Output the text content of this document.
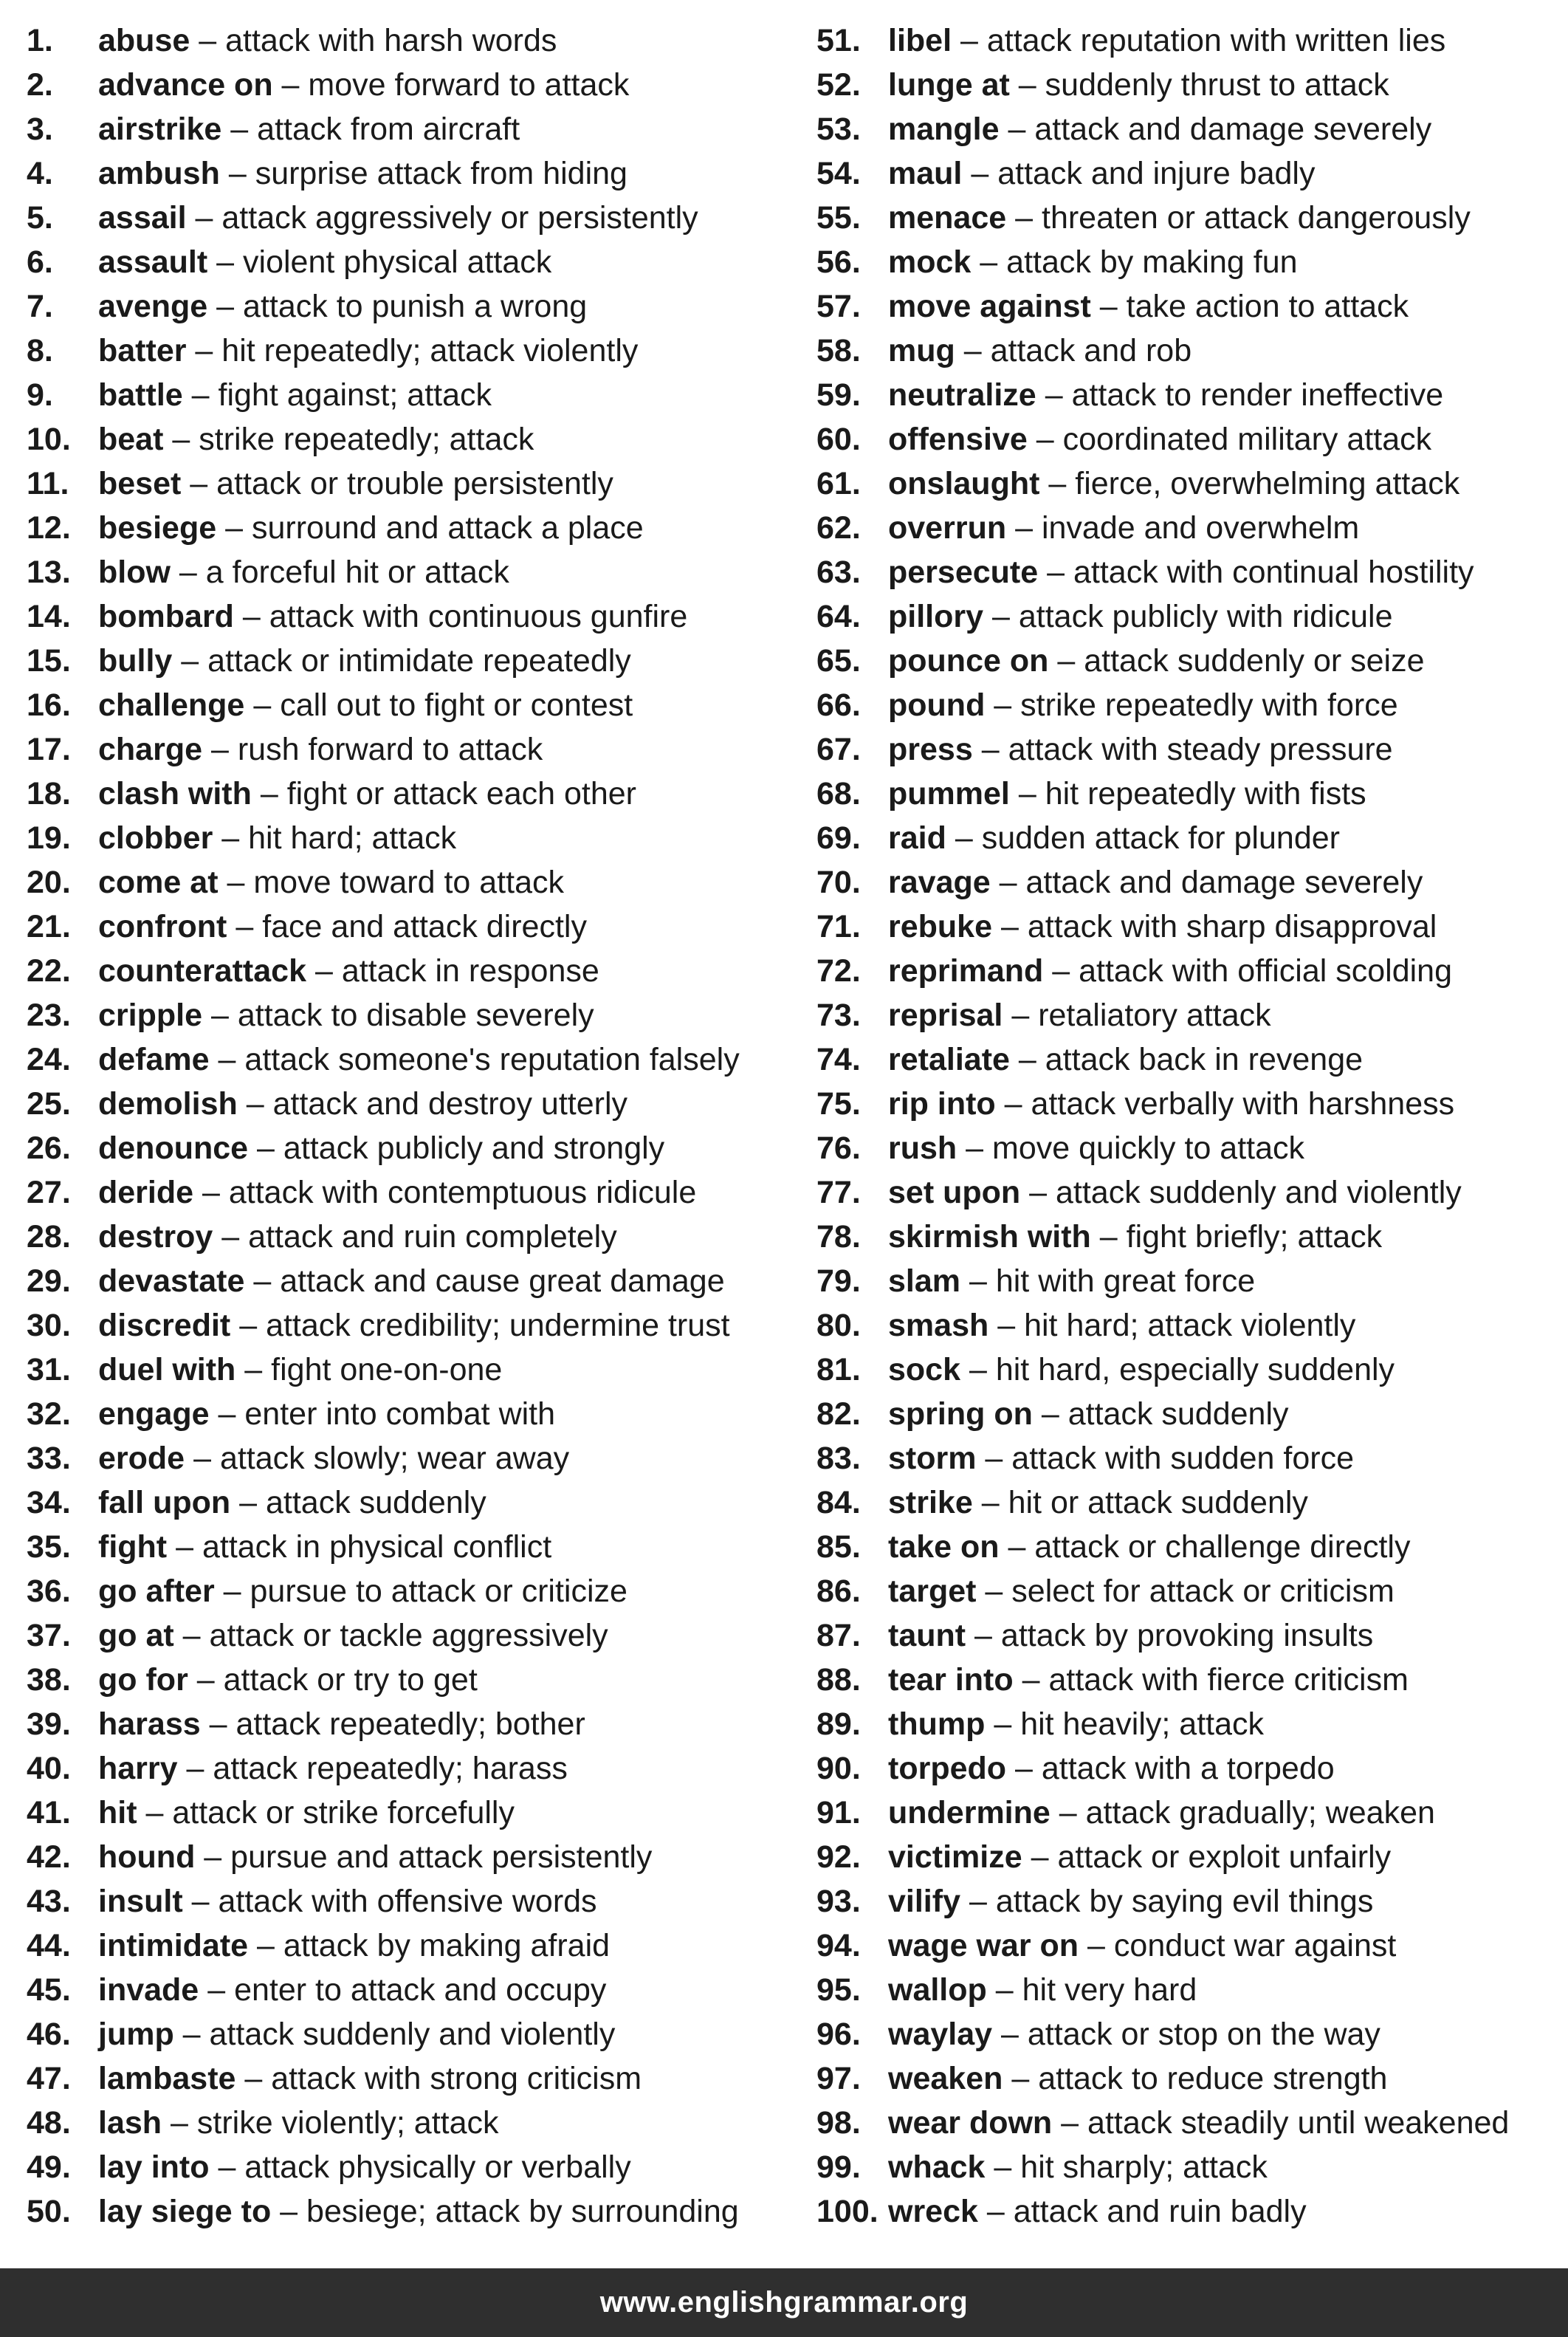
1. abuse – attack with harsh words
2. advance on – move forward to attack
3. airstrike – attack from aircraft
4. ambush – surprise attack from hiding
5. assail – attack aggressively or persistently
6. assault – violent physical attack
7. avenge – attack to punish a wrong
8. batter – hit repeatedly; attack violently
9. battle – fight against; attack
10. beat – strike repeatedly; attack
11. beset – attack or trouble persistently
12. besiege – surround and attack a place
13. blow – a forceful hit or attack
14. bombard – attack with continuous gunfire
15. bully – attack or intimidate repeatedly
16. challenge – call out to fight or contest
17. charge – rush forward to attack
18. clash with – fight or attack each other
19. clobber – hit hard; attack
20. come at – move toward to attack
21. confront – face and attack directly
22. counterattack – attack in response
23. cripple – attack to disable severely
24. defame – attack someone's reputation falsely
25. demolish – attack and destroy utterly
26. denounce – attack publicly and strongly
27. deride – attack with contemptuous ridicule
28. destroy – attack and ruin completely
29. devastate – attack and cause great damage
30. discredit – attack credibility; undermine trust
31. duel with – fight one-on-one
32. engage – enter into combat with
33. erode – attack slowly; wear away
34. fall upon – attack suddenly
35. fight – attack in physical conflict
36. go after – pursue to attack or criticize
37. go at – attack or tackle aggressively
38. go for – attack or try to get
39. harass – attack repeatedly; bother
40. harry – attack repeatedly; harass
41. hit – attack or strike forcefully
42. hound – pursue and attack persistently
43. insult – attack with offensive words
44. intimidate – attack by making afraid
45. invade – enter to attack and occupy
46. jump – attack suddenly and violently
47. lambaste – attack with strong criticism
48. lash – strike violently; attack
49. lay into – attack physically or verbally
50. lay siege to – besiege; attack by surrounding
51. libel – attack reputation with written lies
52. lunge at – suddenly thrust to attack
53. mangle – attack and damage severely
54. maul – attack and injure badly
55. menace – threaten or attack dangerously
56. mock – attack by making fun
57. move against – take action to attack
58. mug – attack and rob
59. neutralize – attack to render ineffective
60. offensive – coordinated military attack
61. onslaught – fierce, overwhelming attack
62. overrun – invade and overwhelm
63. persecute – attack with continual hostility
64. pillory – attack publicly with ridicule
65. pounce on – attack suddenly or seize
66. pound – strike repeatedly with force
67. press – attack with steady pressure
68. pummel – hit repeatedly with fists
69. raid – sudden attack for plunder
70. ravage – attack and damage severely
71. rebuke – attack with sharp disapproval
72. reprimand – attack with official scolding
73. reprisal – retaliatory attack
74. retaliate – attack back in revenge
75. rip into – attack verbally with harshness
76. rush – move quickly to attack
77. set upon – attack suddenly and violently
78. skirmish with – fight briefly; attack
79. slam – hit with great force
80. smash – hit hard; attack violently
81. sock – hit hard, especially suddenly
82. spring on – attack suddenly
83. storm – attack with sudden force
84. strike – hit or attack suddenly
85. take on – attack or challenge directly
86. target – select for attack or criticism
87. taunt – attack by provoking insults
88. tear into – attack with fierce criticism
89. thump – hit heavily; attack
90. torpedo – attack with a torpedo
91. undermine – attack gradually; weaken
92. victimize – attack or exploit unfairly
93. vilify – attack by saying evil things
94. wage war on – conduct war against
95. wallop – hit very hard
96. waylay – attack or stop on the way
97. weaken – attack to reduce strength
98. wear down – attack steadily until weakened
99. whack – hit sharply; attack
100. wreck – attack and ruin badly
www.englishgrammar.org
